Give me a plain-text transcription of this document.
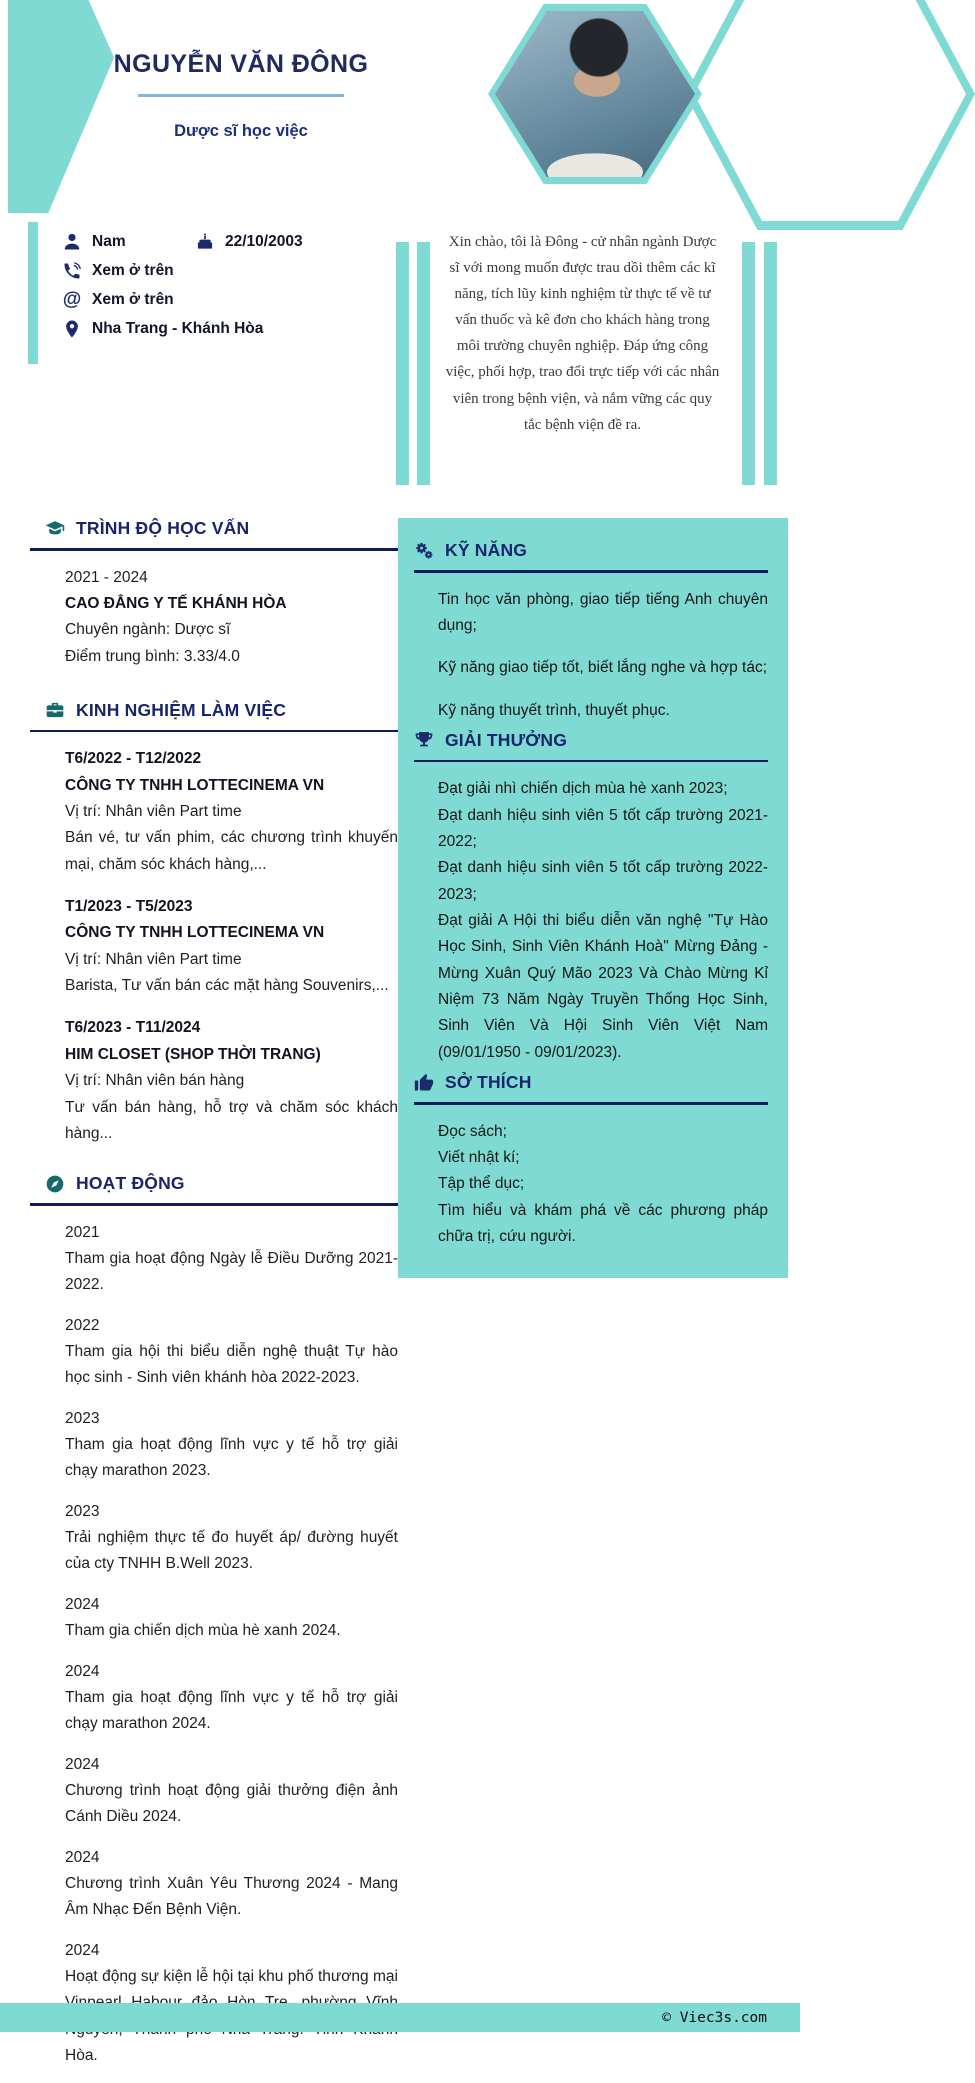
NGUYỄN VĂN ĐÔNG
Dược sĩ học việc
Nam	22/10/2003
Xem ở trên
@ Xem ở trên
Nha Trang - Khánh Hòa

Xin chào, tôi là Đông - cử nhân ngành Dược sĩ với mong muốn được trau dồi thêm các kĩ năng, tích lũy kinh nghiệm từ thực tế về tư vấn thuốc và kê đơn cho khách hàng trong môi trường chuyên nghiệp. Đáp ứng công việc, phối hợp, trao đổi trực tiếp với các nhân viên trong bệnh viện, và nắm vững các quy tắc bệnh viện đề ra.

TRÌNH ĐỘ HỌC VẤN

2021 - 2024

CAO ĐẲNG Y TẾ KHÁNH HÒA

Chuyên ngành: Dược sĩ

Điểm trung bình: 3.33/4.0

KINH NGHIỆM LÀM VIỆC

T6/2022 - T12/2022

CÔNG TY TNHH LOTTECINEMA VN

Vị trí: Nhân viên Part time

Bán vé, tư vấn phim, các chương trình khuyến mại, chăm sóc khách hàng,...

T1/2023 - T5/2023

CÔNG TY TNHH LOTTECINEMA VN

Vị trí: Nhân viên Part time

Barista, Tư vấn bán các mặt hàng Souvenirs,...

T6/2023 - T11/2024

HIM CLOSET (SHOP THỜI TRANG)

Vị trí: Nhân viên bán hàng

Tư vấn bán hàng, hỗ trợ và chăm sóc khách hàng...

HOẠT ĐỘNG

2021

Tham gia hoạt động Ngày lễ Điều Dưỡng 2021-2022.

2022

Tham gia hội thi biểu diễn nghệ thuật Tự hào học sinh - Sinh viên khánh hòa 2022-2023.

2023

Tham gia hoạt động lĩnh vực y tế hỗ trợ giải chạy marathon 2023.

2023

Trải nghiệm thực tế đo huyết áp/ đường huyết của cty TNHH B.Well 2023.

2024

Tham gia chiến dịch mùa hè xanh 2024.

2024

Tham gia hoạt động lĩnh vực y tế hỗ trợ giải chạy marathon 2024.

2024

Chương trình hoạt động giải thưởng điện ảnh Cánh Diều 2024.

2024

Chương trình Xuân Yêu Thương 2024 - Mang Âm Nhạc Đến Bệnh Viện.

2024

Hoạt động sự kiện lễ hội tại khu phố thương mại Hòa.

KỸ NĂNG

Tin học văn phòng, giao tiếp tiếng Anh chuyên dụng;

Kỹ năng giao tiếp tốt, biết lắng nghe và hợp tác;

Kỹ năng thuyết trình, thuyết phục.

GIẢI THƯỞNG

Đạt giải nhì chiến dịch mùa hè xanh 2023;

Đạt danh hiệu sinh viên 5 tốt cấp trường 2021-2022;

Đạt danh hiệu sinh viên 5 tốt cấp trường 2022-2023;

Đạt giải A Hội thi biểu diễn văn nghệ "Tự Hào Học Sinh, Sinh Viên Khánh Hoà" Mừng Đảng - Mừng Xuân Quý Mão 2023 Và Chào Mừng Kỉ Niệm 73 Năm Ngày Truyền Thống Học Sinh, Sinh Viên Và Hội Sinh Viên Việt Nam (09/01/1950 - 09/01/2023).

SỞ THÍCH

Đọc sách;

Viết nhật kí;

Tập thể dục;

Tìm hiểu và khám phá về các phương pháp chữa trị, cứu người.

© Viec3s.com
